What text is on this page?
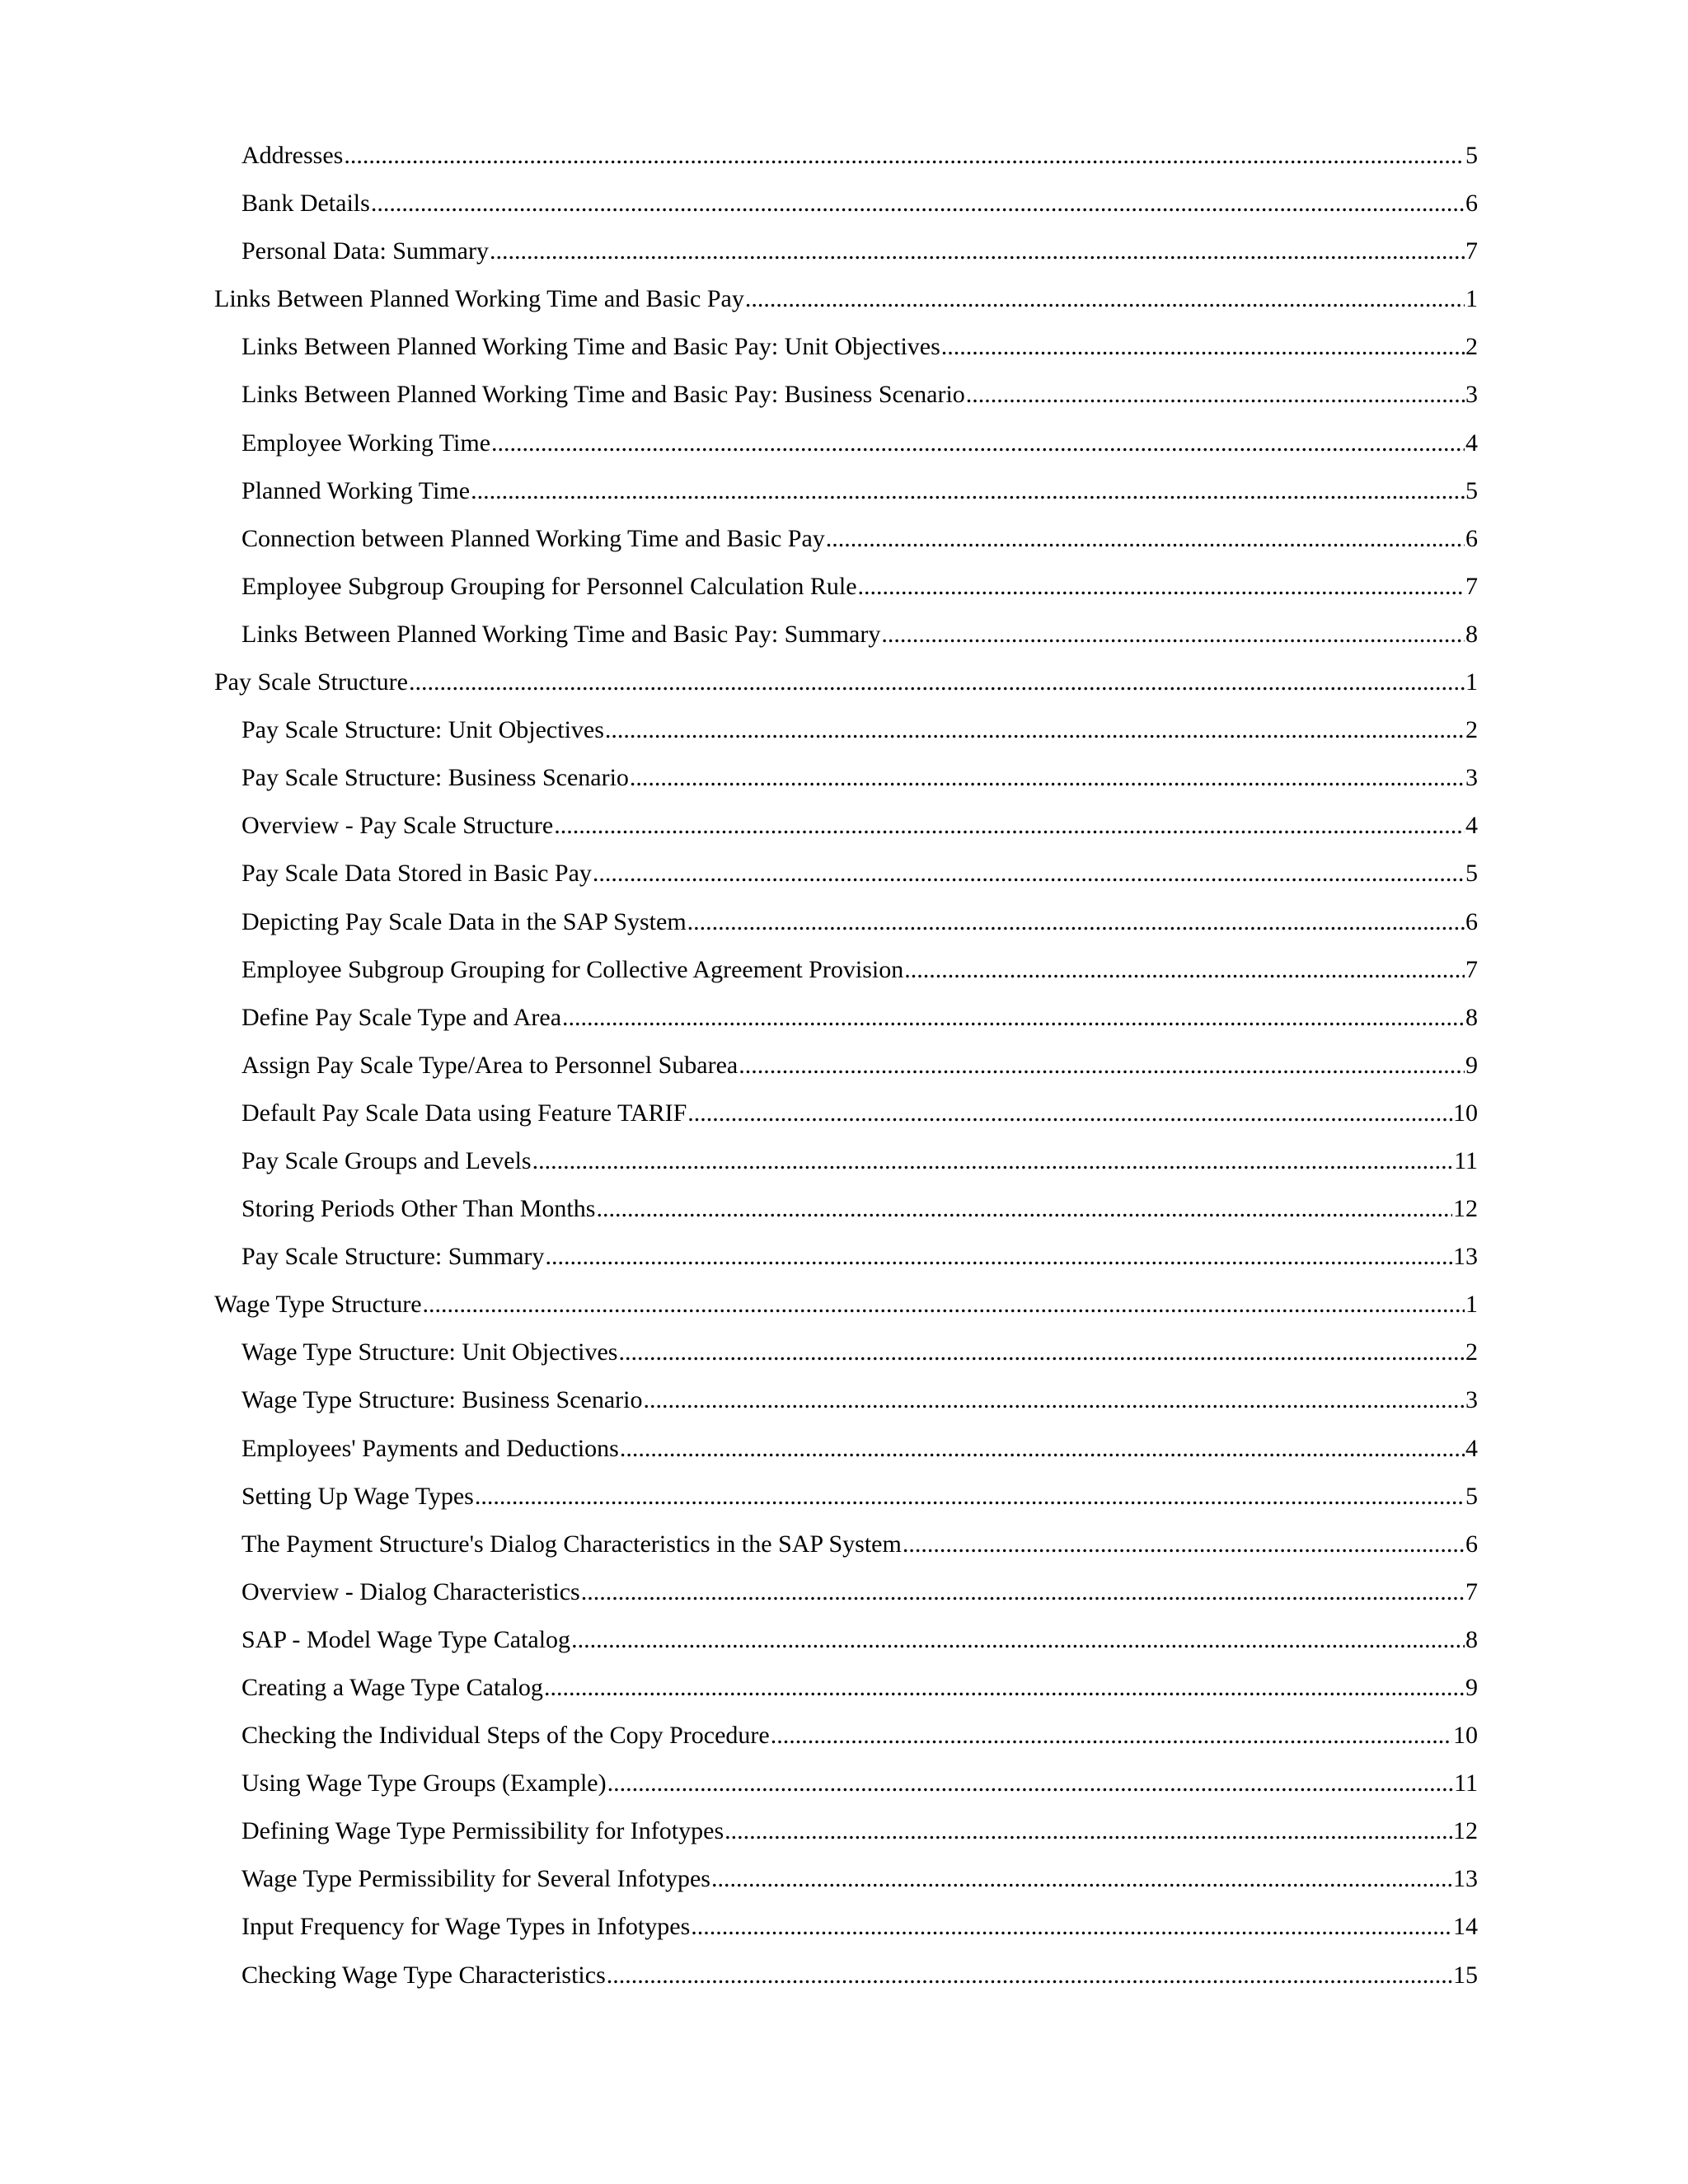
Addresses .....	5
Bank Details .....	6
Personal Data: Summary .....	7
Links Between Planned Working Time and Basic Pay .....	1
Links Between Planned Working Time and Basic Pay: Unit Objectives .....	2
Links Between Planned Working Time and Basic Pay: Business Scenario .....	3
Employee Working Time .....	4
Planned Working Time .....	5
Connection between Planned Working Time and Basic Pay .....	6
Employee Subgroup Grouping for Personnel Calculation Rule .....	7
Links Between Planned Working Time and Basic Pay: Summary .....	8
Pay Scale Structure .....	1
Pay Scale Structure: Unit Objectives .....	2
Pay Scale Structure: Business Scenario .....	3
Overview - Pay Scale Structure .....	4
Pay Scale Data Stored in Basic Pay .....	5
Depicting Pay Scale Data in the SAP System .....	6
Employee Subgroup Grouping for Collective Agreement Provision .....	7
Define Pay Scale Type and Area .....	8
Assign Pay Scale Type/Area to Personnel Subarea .....	9
Default Pay Scale Data using Feature TARIF .....	10
Pay Scale Groups and Levels .....	11
Storing Periods Other Than Months .....	12
Pay Scale Structure: Summary .....	13
Wage Type Structure .....	1
Wage Type Structure: Unit Objectives .....	2
Wage Type Structure: Business Scenario .....	3
Employees' Payments and Deductions .....	4
Setting Up Wage Types .....	5
The Payment Structure's Dialog Characteristics in the SAP System .....	6
Overview - Dialog Characteristics .....	7
SAP - Model Wage Type Catalog .....	8
Creating a Wage Type Catalog .....	9
Checking the Individual Steps of the Copy Procedure .....	10
Using Wage Type Groups (Example) .....	11
Defining Wage Type Permissibility for Infotypes .....	12
Wage Type Permissibility for Several Infotypes .....	13
Input Frequency for Wage Types in Infotypes .....	14
Checking Wage Type Characteristics .....	15
